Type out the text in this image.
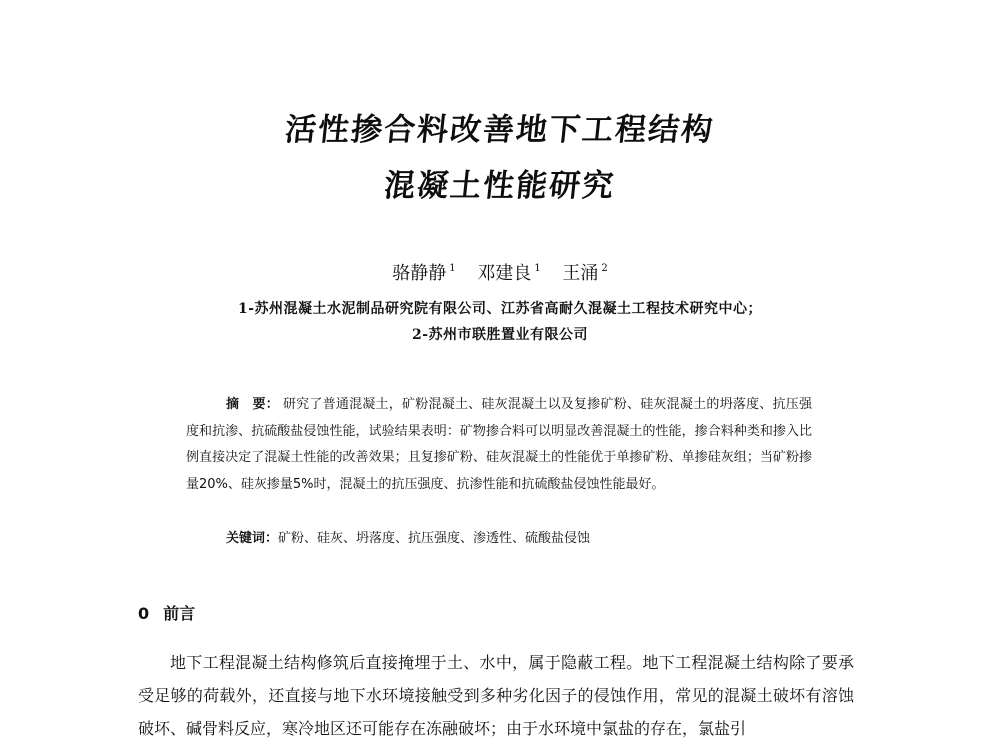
活性掺合料改善地下工程结构
混凝土性能研究
骆静静 $^1$ 邓建良 $^1$ 王涌 $^2$
1-苏州混凝土水泥制品研究院有限公司、江苏省高耐久混凝土工程技术研究中心；
2-苏州市联胜置业有限公司
摘　要： 研究了普通混凝土，矿粉混凝土、硅灰混凝土以及复掺矿粉、硅灰混凝土的坍落度、抗压强度和抗渗、抗硫酸盐侵蚀性能，试验结果表明：矿物掺合料可以明显改善混凝土的性能，掺合料种类和掺入比例直接决定了混凝土性能的改善效果；且复掺矿粉、硅灰混凝土的性能优于单掺矿粉、单掺硅灰组；当矿粉掺量20%、硅灰掺量5%时，混凝土的抗压强度、抗渗性能和抗硫酸盐侵蚀性能最好。
关键词：矿粉、硅灰、坍落度、抗压强度、渗透性、硫酸盐侵蚀
0 前言
地下工程混凝土结构修筑后直接掩埋于土、水中，属于隐蔽工程。地下工程混凝土结构除了要承受足够的荷载外，还直接与地下水环境接触受到多种劣化因子的侵蚀作用，常见的混凝土破坏有溶蚀破坏、碱骨料反应，寒冷地区还可能存在冻融破坏；由于水环境中氯盐的存在，氯盐引
